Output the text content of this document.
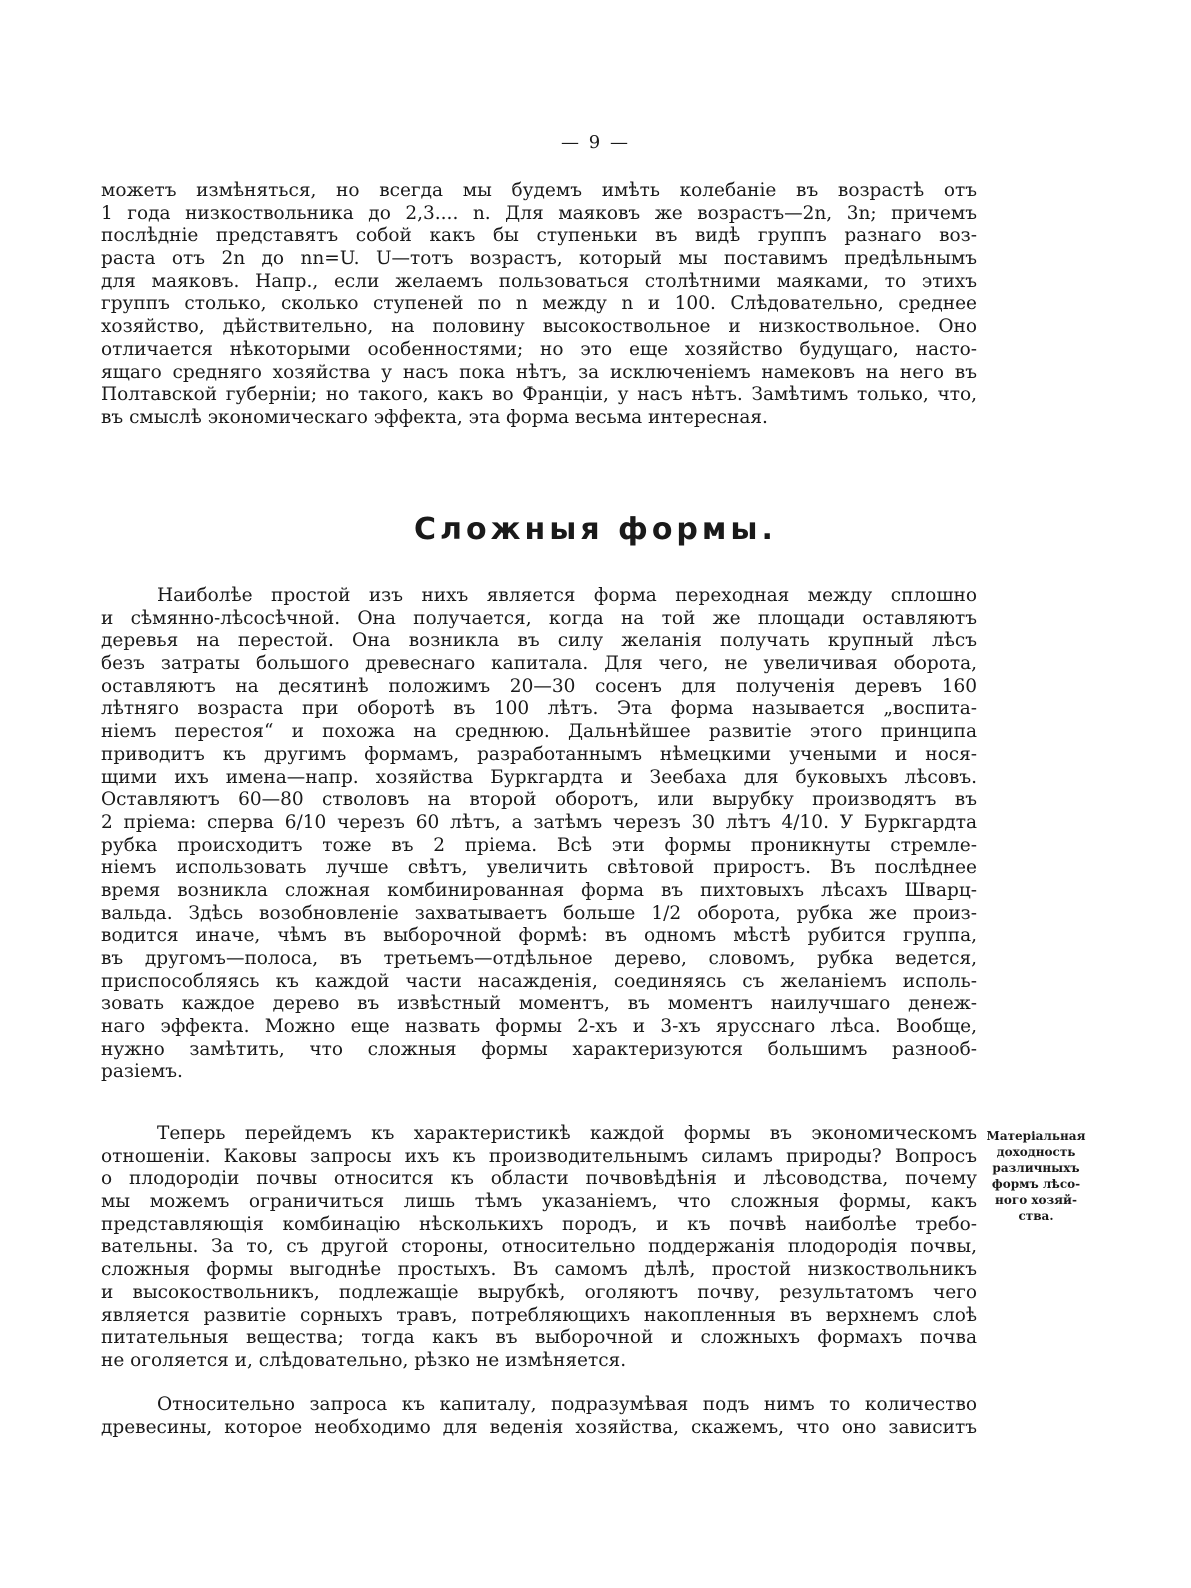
— 9 —
можетъ измѣняться, но всегда мы будемъ имѣть колебаніе въ возрастѣ отъ
1 года низкоствольника до 2,3.... n. Для маяковъ же возрастъ—2n, 3n; причемъ
послѣдніе представятъ собой какъ бы ступеньки въ видѣ группъ разнаго воз-
раста отъ 2n до nn=U. U—тотъ возрастъ, который мы поставимъ предѣльнымъ
для маяковъ. Напр., если желаемъ пользоваться столѣтними маяками, то этихъ
группъ столько, сколько ступеней по n между n и 100. Слѣдовательно, среднее
хозяйство, дѣйствительно, на половину высокоствольное и низкоствольное. Оно
отличается нѣкоторыми особенностями; но это еще хозяйство будущаго, насто-
ящаго средняго хозяйства у насъ пока нѣтъ, за исключеніемъ намековъ на него въ
Полтавской губерніи; но такого, какъ во Франціи, у насъ нѣтъ. Замѣтимъ только, что,
въ смыслѣ экономическаго эффекта, эта форма весьма интересная.
Сложныя формы.
Наиболѣе простой изъ нихъ является форма переходная между сплошно
и сѣмянно-лѣсосѣчной. Она получается, когда на той же площади оставляютъ
деревья на перестой. Она возникла въ силу желанія получать крупный лѣсъ
безъ затраты большого древеснаго капитала. Для чего, не увеличивая оборота,
оставляютъ на десятинѣ положимъ 20—30 сосенъ для полученія деревъ 160
лѣтняго возраста при оборотѣ въ 100 лѣтъ. Эта форма называется „воспита-
ніемъ перестоя“ и похожа на среднюю. Дальнѣйшее развитіе этого принципа
приводитъ къ другимъ формамъ, разработаннымъ нѣмецкими учеными и нося-
щими ихъ имена—напр. хозяйства Буркгардта и Зеебаха для буковыхъ лѣсовъ.
Оставляютъ 60—80 стволовъ на второй оборотъ, или вырубку производятъ въ
2 пріема: сперва 6/10 черезъ 60 лѣтъ, а затѣмъ черезъ 30 лѣтъ 4/10. У Буркгардта
рубка происходитъ тоже въ 2 пріема. Всѣ эти формы проникнуты стремле-
ніемъ использовать лучше свѣтъ, увеличить свѣтовой приростъ. Въ послѣднее
время возникла сложная комбинированная форма въ пихтовыхъ лѣсахъ Шварц-
вальда. Здѣсь возобновленіе захватываетъ больше 1/2 оборота, рубка же произ-
водится иначе, чѣмъ въ выборочной формѣ: въ одномъ мѣстѣ рубится группа,
въ другомъ—полоса, въ третьемъ—отдѣльное дерево, словомъ, рубка ведется,
приспособляясь къ каждой части насажденія, соединяясь съ желаніемъ исполь-
зовать каждое дерево въ извѣстный моментъ, въ моментъ наилучшаго денеж-
наго эффекта. Можно еще назвать формы 2-хъ и 3-хъ ярусснаго лѣса. Вообще,
нужно замѣтить, что сложныя формы характеризуются большимъ разнооб-
разіемъ.
Теперь перейдемъ къ характеристикѣ каждой формы въ экономическомъ
отношеніи. Каковы запросы ихъ къ производительнымъ силамъ природы? Вопросъ
о плодородіи почвы относится къ области почвовѣдѣнія и лѣсоводства, почему
мы можемъ ограничиться лишь тѣмъ указаніемъ, что сложныя формы, какъ
представляющія комбинацію нѣсколькихъ породъ, и къ почвѣ наиболѣе требо-
вательны. За то, съ другой стороны, относительно поддержанія плодородія почвы,
сложныя формы выгоднѣе простыхъ. Въ самомъ дѣлѣ, простой низкоствольникъ
и высокоствольникъ, подлежащіе вырубкѣ, оголяютъ почву, результатомъ чего
является развитіе сорныхъ травъ, потребляющихъ накопленныя въ верхнемъ слоѣ
питательныя вещества; тогда какъ въ выборочной и сложныхъ формахъ почва
не оголяется и, слѣдовательно, рѣзко не измѣняется.
Относительно запроса къ капиталу, подразумѣвая подъ нимъ то количество
древесины, которое необходимо для веденія хозяйства, скажемъ, что оно зависитъ
Матеріальная
доходность
различныхъ
формъ лѣсо-
ного хозяй-
ства.
